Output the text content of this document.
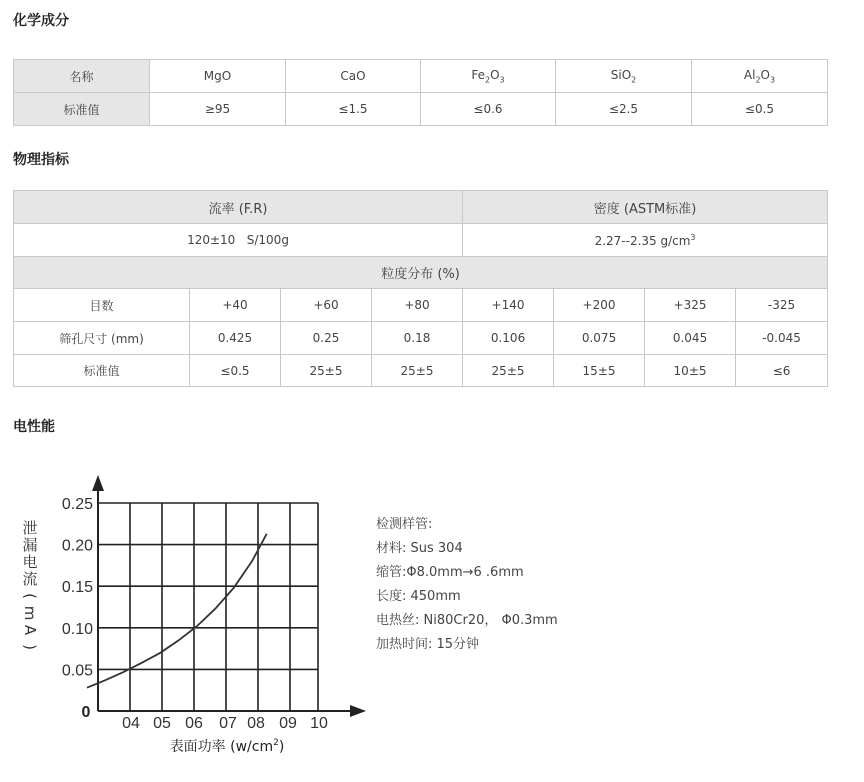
化学成分
名称	MgO	CaO	$Fe_2O_3$	SiO$_2$	$Al_2O_3$
标准值	≥95	≤1.5	≤0.6	≤2.5	≤0.5
物理指标
流率 (F.R)				密度 (ASTM标准)			
120±10   S/100g				2.27--2.35 $g/cm^3$
粒度分布 (%)							
目数	+40	+60	+80	+140	+200	+325	-325
筛孔尺寸 (mm)	0.425	0.25	0.18	0.106	0.075	0.045	-0.045
标准值	≤0.5	25±5	25±5	25±5	15±5	10±5	≤6
电性能
0.05
0.10
0.15
0.20
0.25
04 05 06 07 08 09 10
泄
漏
电
流
(
m
A
)
0
表面功率 $(w/cm^2)$
检测样管:
材料: Sus 304
缩管:Φ8.0mm→6 .6mm
长度: 450mm
电热丝: Ni80Cr20， Φ0.3mm
加热时间: 15分钟
